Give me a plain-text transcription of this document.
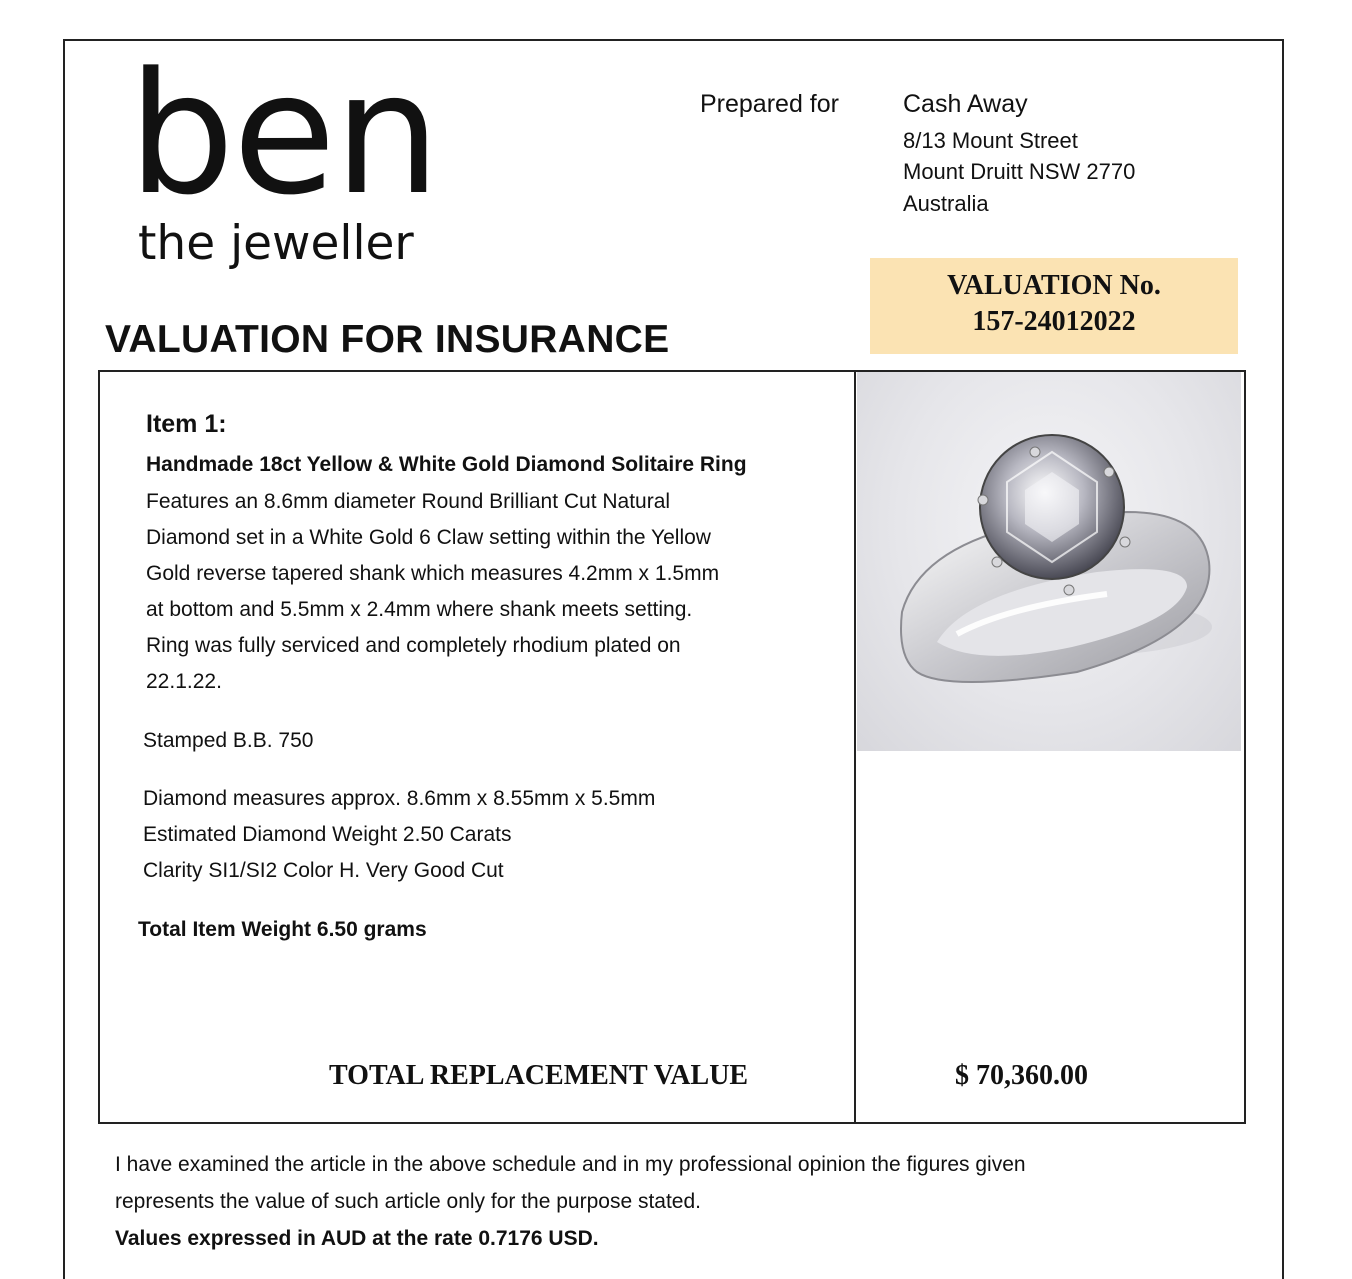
ben
the jeweller
Prepared for	Cash Away
8/13 Mount Street
Mount Druitt NSW 2770
Australia
VALUATION No.
157-24012022
VALUATION FOR INSURANCE
Item 1:
Handmade 18ct Yellow & White Gold Diamond Solitaire Ring
Features an 8.6mm diameter Round Brilliant Cut Natural
Diamond set in a White Gold 6 Claw setting within the Yellow
Gold reverse tapered shank which measures 4.2mm x 1.5mm
at bottom and 5.5mm x 2.4mm where shank meets setting.
Ring was fully serviced and completely rhodium plated on
22.1.22.
Stamped B.B. 750
Diamond measures approx. 8.6mm x 8.55mm x 5.5mm
Estimated Diamond Weight 2.50 Carats
Clarity SI1/SI2 Color H. Very Good Cut
Total Item Weight 6.50 grams
TOTAL REPLACEMENT VALUE	$ 70,360.00
I have examined the article in the above schedule and in my professional opinion the figures given
represents the value of such article only for the purpose stated.
Values expressed in AUD at the rate 0.7176 USD.
